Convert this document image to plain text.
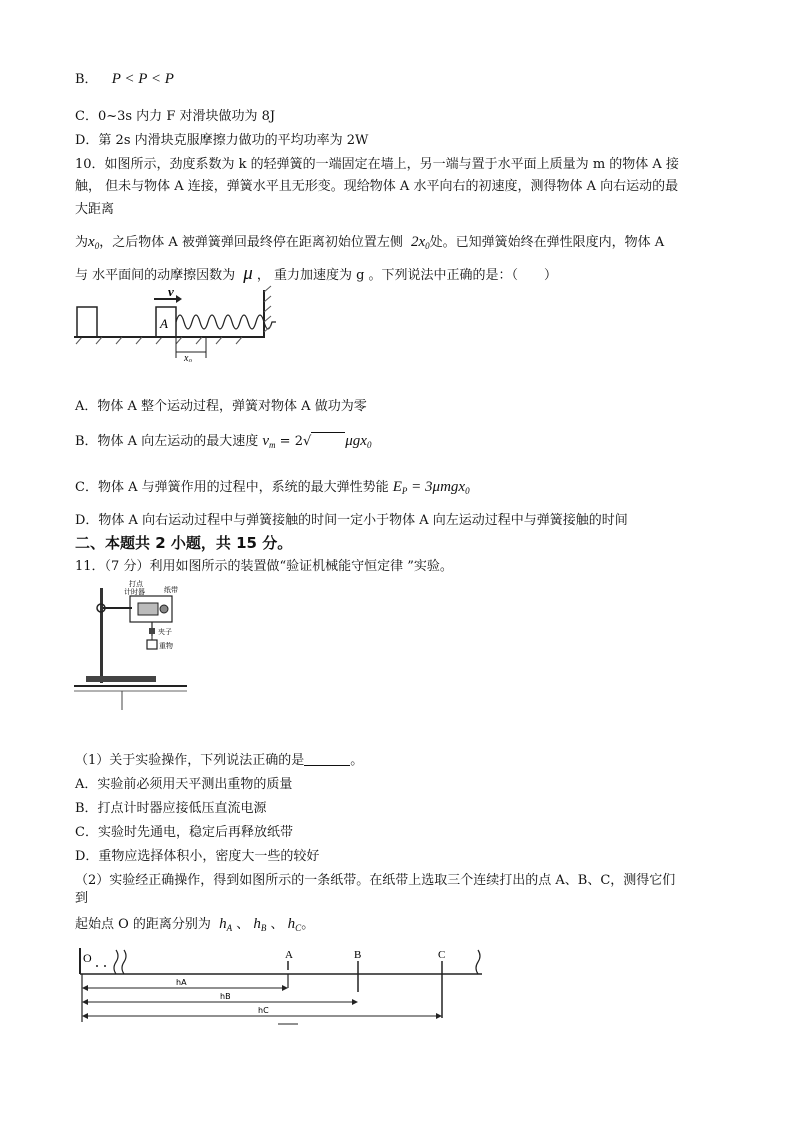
B． P < P < P
C．0~3s 内力 F 对滑块做功为 8J
D．第 2s 内滑块克服摩擦力做功的平均功率为 2W
10．如图所示，劲度系数为 k 的轻弹簧的一端固定在墙上，另一端与置于水平面上质量为 m 的物体 A 接
触， 但未与物体 A 连接，弹簧水平且无形变。现给物体 A 水平向右的初速度，测得物体 A 向右运动的最
大距离
为$x_0$，之后物体 A 被弹簧弹回最终停在距离初始位置左侧 $2x_0$处。已知弹簧始终在弹性限度内，物体 A
与 水平面间的动摩擦因数为 μ ， 重力加速度为 g 。下列说法中正确的是：（　　）
A
v
x₀
A．物体 A 整个运动过程，弹簧对物体 A 做功为零
B．物体 A 向左运动的最大速度 $v_m = 2√$ μgx$_0$
C．物体 A 与弹簧作用的过程中，系统的最大弹性势能 $E_P = 3\mu mgx_0$
D．物体 A 向右运动过程中与弹簧接触的时间一定小于物体 A 向左运动过程中与弹簧接触的时间
二、本题共 2 小题，共 15 分。
11．（7 分）利用如图所示的装置做“验证机械能守恒定律 ”实验。
打点
计时器	纸带
夹子
重物
（1）关于实验操作，下列说法正确的是	。
A．实验前必须用天平测出重物的质量
B．打点计时器应接低压直流电源
C．实验时先通电，稳定后再释放纸带
D．重物应选择体积小，密度大一些的较好
（2）实验经正确操作，得到如图所示的一条纸带。在纸带上选取三个连续打出的点 A、B、C，测得它们
到
起始点 O 的距离分别为 $h_A$ 、 $h_B$ 、 $h_C$。
O	A	B	C
hA
hB
hC
